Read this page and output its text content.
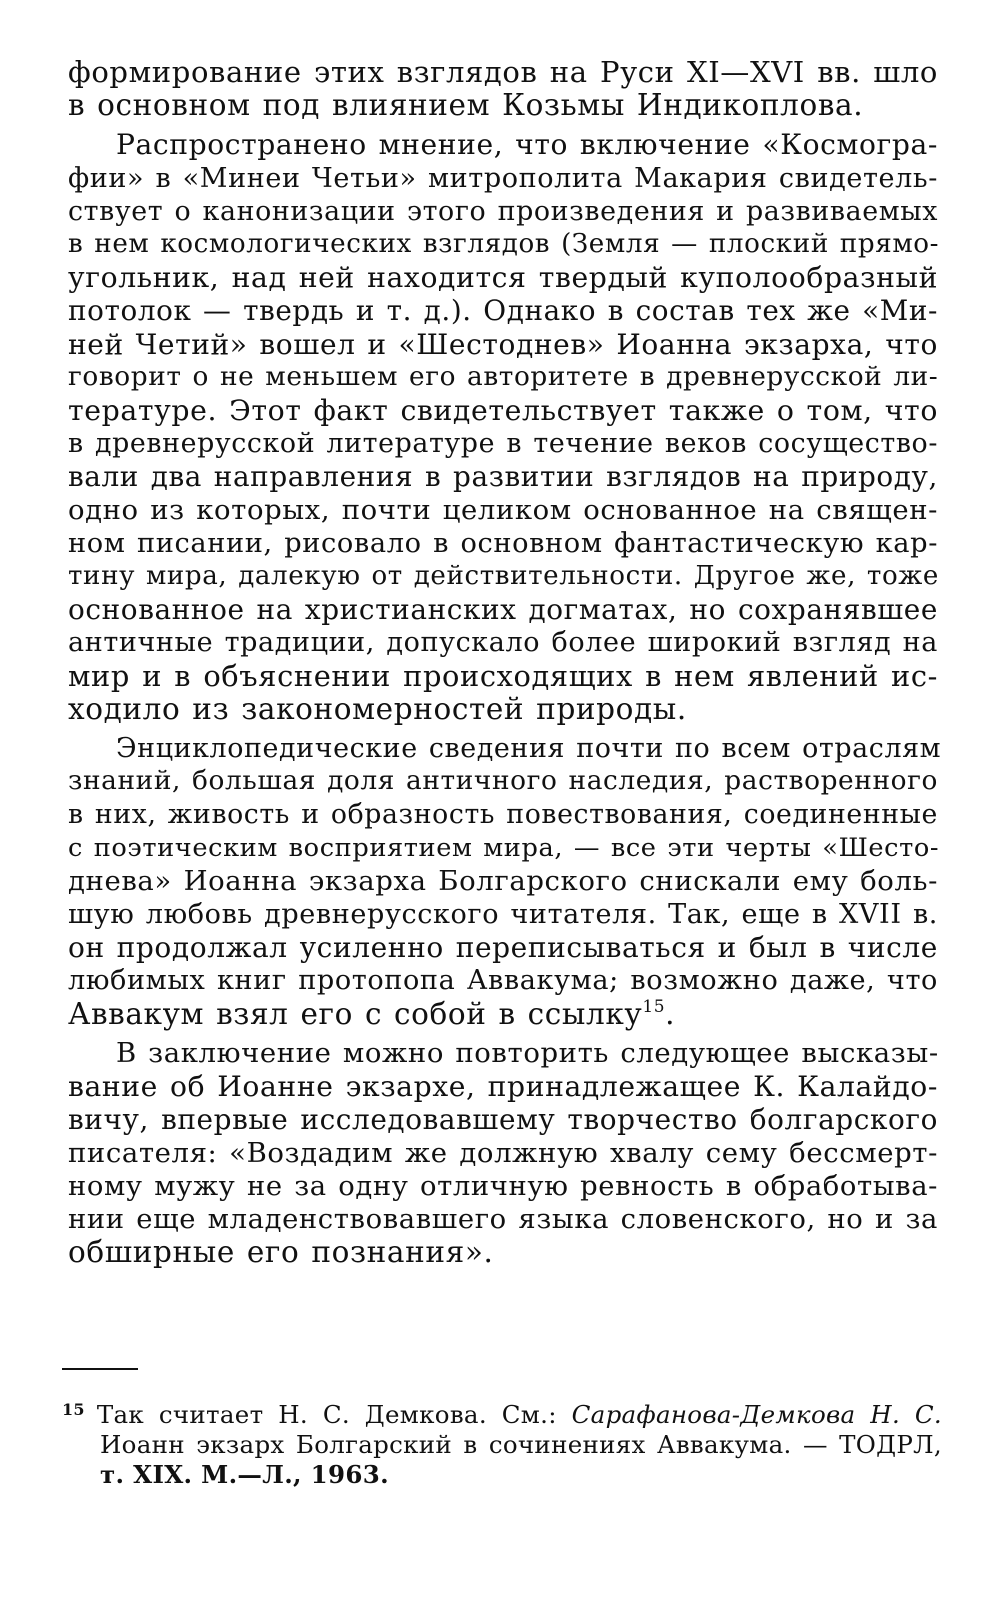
формирование этих взглядов на Руси XI—XVI вв. шло
в основном под влиянием Козьмы Индикоплова.
Распространено мнение, что включение «Космогра-
фии» в «Минеи Четьи» митрополита Макария свидетель-
ствует о канонизации этого произведения и развиваемых
в нем космологических взглядов (Земля — плоский прямо-
угольник, над ней находится твердый куполообразный
потолок — твердь и т. д.). Однако в состав тех же «Ми-
ней Четий» вошел и «Шестоднев» Иоанна экзарха, что
говорит о не меньшем его авторитете в древнерусской ли-
тературе. Этот факт свидетельствует также о том, что
в древнерусской литературе в течение веков сосущество-
вали два направления в развитии взглядов на природу,
одно из которых, почти целиком основанное на священ-
ном писании, рисовало в основном фантастическую кар-
тину мира, далекую от действительности. Другое же, тоже
основанное на христианских догматах, но сохранявшее
античные традиции, допускало более широкий взгляд на
мир и в объяснении происходящих в нем явлений ис-
ходило из закономерностей природы.
Энциклопедические сведения почти по всем отраслям
знаний, большая доля античного наследия, растворенного
в них, живость и образность повествования, соединенные
с поэтическим восприятием мира, — все эти черты «Шесто-
днева» Иоанна экзарха Болгарского снискали ему боль-
шую любовь древнерусского читателя. Так, еще в XVII в.
он продолжал усиленно переписываться и был в числе
любимых книг протопопа Аввакума; возможно даже, что
Аввакум взял его с собой в ссылку$^{15}$.
В заключение можно повторить следующее высказы-
вание об Иоанне экзархе, принадлежащее К. Калайдо-
вичу, впервые исследовавшему творчество болгарского
писателя: «Воздадим же должную хвалу сему бессмерт-
ному мужу не за одну отличную ревность в обработыва-
нии еще младенствовавшего языка словенского, но и за
обширные его познания».
$^{15}$ Так считает Н. С. Демкова. См.: Сарафанова-Демкова Н. С.
Иоанн экзарх Болгарский в сочинениях Аввакума. — ТОДРЛ,
т. XIX. М.—Л., 1963.
